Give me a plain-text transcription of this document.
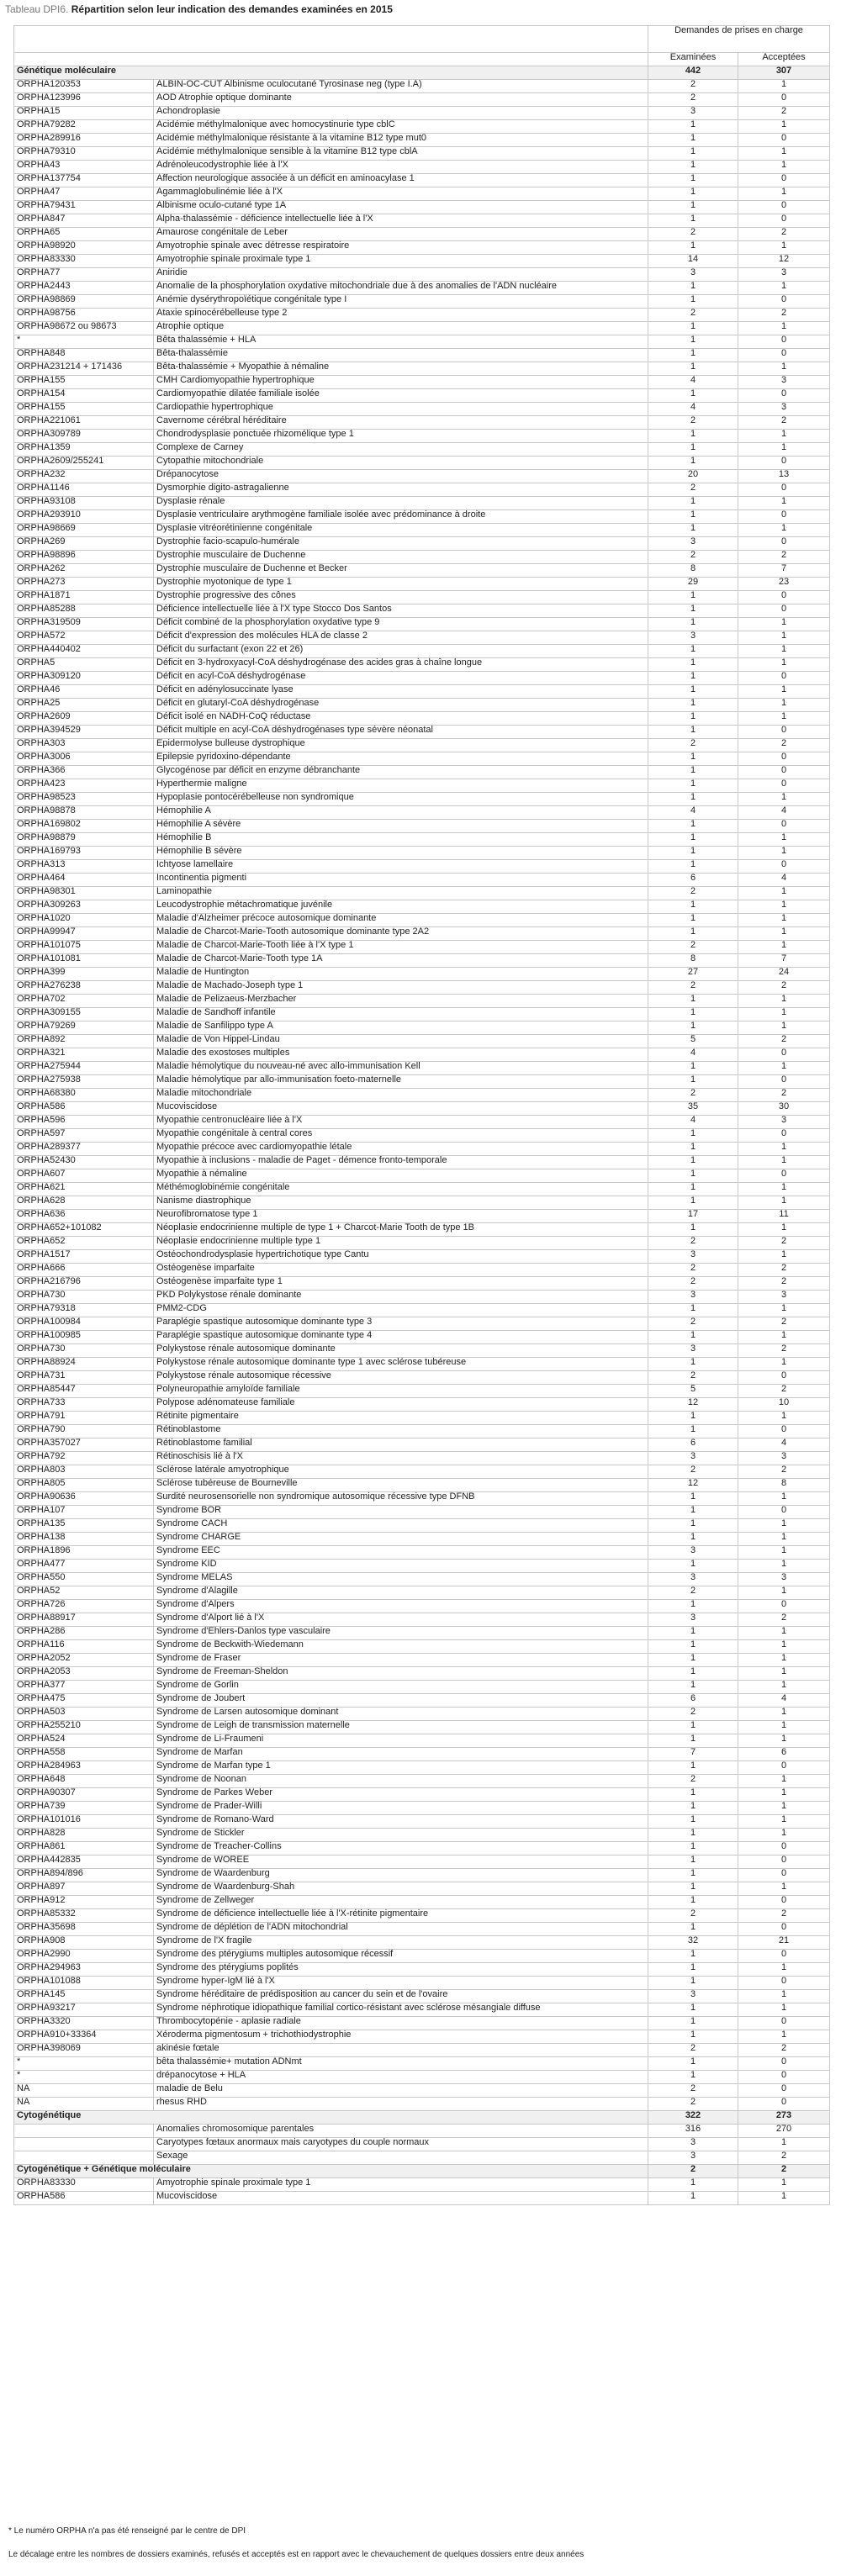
Tableau DPI6. Répartition selon leur indication des demandes examinées en 2015
		Demandes de prises en charge	
		Examinées	Acceptées
Génétique moléculaire		442	307
ORPHA120353	ALBIN-OC-CUT Albinisme oculocutané Tyrosinase neg (type I.A)	2	1
ORPHA123996	AOD Atrophie optique dominante	2	0
ORPHA15	Achondroplasie	3	2
ORPHA79282	Acidémie méthylmalonique avec homocystinurie type cblC	1	1
ORPHA289916	Acidémie méthylmalonique résistante à la vitamine B12 type mut0	1	0
ORPHA79310	Acidémie méthylmalonique sensible à la vitamine B12 type cblA	1	1
ORPHA43	Adrénoleucodystrophie liée à l'X	1	1
ORPHA137754	Affection neurologique associée à un déficit en aminoacylase 1	1	0
ORPHA47	Agammaglobulinémie liée à l'X	1	1
ORPHA79431	Albinisme oculo-cutané type 1A	1	0
ORPHA847	Alpha-thalassémie - déficience intellectuelle liée à l'X	1	0
ORPHA65	Amaurose congénitale de Leber	2	2
ORPHA98920	Amyotrophie spinale avec détresse respiratoire	1	1
ORPHA83330	Amyotrophie spinale proximale type 1	14	12
ORPHA77	Aniridie	3	3
ORPHA2443	Anomalie de la phosphorylation oxydative mitochondriale due à des anomalies de l'ADN nucléaire	1	1
ORPHA98869	Anémie dysérythropoïétique congénitale type I	1	0
ORPHA98756	Ataxie spinocérébelleuse type 2	2	2
ORPHA98672 ou 98673	Atrophie optique	1	1
*	Bêta thalassémie + HLA	1	0
ORPHA848	Bêta-thalassémie	1	0
ORPHA231214 + 171436	Bêta-thalassémie + Myopathie à némaline	1	1
ORPHA155	CMH Cardiomyopathie hypertrophique	4	3
ORPHA154	Cardiomyopathie dilatée familiale isolée	1	0
ORPHA155	Cardiopathie hypertrophique	4	3
ORPHA221061	Cavernome cérébral héréditaire	2	2
ORPHA309789	Chondrodysplasie ponctuée rhizomélique type 1	1	1
ORPHA1359	Complexe de Carney	1	1
ORPHA2609/255241	Cytopathie mitochondriale	1	0
ORPHA232	Drépanocytose	20	13
ORPHA1146	Dysmorphie digito-astragalienne	2	0
ORPHA93108	Dysplasie rénale	1	1
ORPHA293910	Dysplasie ventriculaire arythmogène familiale isolée avec prédominance à droite	1	0
ORPHA98669	Dysplasie vitréorétinienne congénitale	1	1
ORPHA269	Dystrophie facio-scapulo-humérale	3	0
ORPHA98896	Dystrophie musculaire de Duchenne	2	2
ORPHA262	Dystrophie musculaire de Duchenne et Becker	8	7
ORPHA273	Dystrophie myotonique de type 1	29	23
ORPHA1871	Dystrophie progressive des cônes	1	0
ORPHA85288	Déficience intellectuelle liée à l'X type Stocco Dos Santos	1	0
ORPHA319509	Déficit combiné de la phosphorylation oxydative type 9	1	1
ORPHA572	Déficit d'expression des molécules HLA de classe 2	3	1
ORPHA440402	Déficit du surfactant (exon 22 et 26)	1	1
ORPHA5	Déficit en 3-hydroxyacyl-CoA déshydrogénase des acides gras à chaîne longue	1	1
ORPHA309120	Déficit en acyl-CoA déshydrogénase	1	0
ORPHA46	Déficit en adénylosuccinate lyase	1	1
ORPHA25	Déficit en glutaryl-CoA déshydrogénase	1	1
ORPHA2609	Déficit isolé en NADH-CoQ réductase	1	1
ORPHA394529	Déficit multiple en acyl-CoA déshydrogénases type sévère néonatal	1	0
ORPHA303	Epidermolyse bulleuse dystrophique	2	2
ORPHA3006	Epilepsie pyridoxino-dépendante	1	0
ORPHA366	Glycogénose par déficit en enzyme débranchante	1	0
ORPHA423	Hyperthermie maligne	1	0
ORPHA98523	Hypoplasie pontocérébelleuse non syndromique	1	1
ORPHA98878	Hémophilie A	4	4
ORPHA169802	Hémophilie A sévère	1	0
ORPHA98879	Hémophilie B	1	1
ORPHA169793	Hémophilie B sévère	1	1
ORPHA313	Ichtyose lamellaire	1	0
ORPHA464	Incontinentia pigmenti	6	4
ORPHA98301	Laminopathie	2	1
ORPHA309263	Leucodystrophie métachromatique juvénile	1	1
ORPHA1020	Maladie d'Alzheimer précoce autosomique dominante	1	1
ORPHA99947	Maladie de Charcot-Marie-Tooth autosomique dominante type 2A2	1	1
ORPHA101075	Maladie de Charcot-Marie-Tooth liée à l'X type 1	2	1
ORPHA101081	Maladie de Charcot-Marie-Tooth type 1A	8	7
ORPHA399	Maladie de Huntington	27	24
ORPHA276238	Maladie de Machado-Joseph type 1	2	2
ORPHA702	Maladie de Pelizaeus-Merzbacher	1	1
ORPHA309155	Maladie de Sandhoff infantile	1	1
ORPHA79269	Maladie de Sanfilippo type A	1	1
ORPHA892	Maladie de Von Hippel-Lindau	5	2
ORPHA321	Maladie des exostoses multiples	4	0
ORPHA275944	Maladie hémolytique du nouveau-né avec allo-immunisation Kell	1	1
ORPHA275938	Maladie hémolytique par allo-immunisation foeto-maternelle	1	0
ORPHA68380	Maladie mitochondriale	2	2
ORPHA586	Mucoviscidose	35	30
ORPHA596	Myopathie centronucléaire liée à l'X	4	3
ORPHA597	Myopathie congénitale à central cores	1	0
ORPHA289377	Myopathie précoce avec cardiomyopathie létale	1	1
ORPHA52430	Myopathie à inclusions - maladie de Paget - démence fronto-temporale	1	1
ORPHA607	Myopathie à némaline	1	0
ORPHA621	Méthémoglobinémie congénitale	1	1
ORPHA628	Nanisme diastrophique	1	1
ORPHA636	Neurofibromatose type 1	17	11
ORPHA652+101082	Néoplasie endocrinienne multiple de type 1 + Charcot-Marie Tooth de type 1B	1	1
ORPHA652	Néoplasie endocrinienne multiple type 1	2	2
ORPHA1517	Ostéochondrodysplasie hypertrichotique type Cantu	3	1
ORPHA666	Ostéogenèse imparfaite	2	2
ORPHA216796	Ostéogenèse imparfaite type 1	2	2
ORPHA730	PKD Polykystose rénale dominante	3	3
ORPHA79318	PMM2-CDG	1	1
ORPHA100984	Paraplégie spastique autosomique dominante type 3	2	2
ORPHA100985	Paraplégie spastique autosomique dominante type 4	1	1
ORPHA730	Polykystose rénale autosomique dominante	3	2
ORPHA88924	Polykystose rénale autosomique dominante type 1 avec sclérose tubéreuse	1	1
ORPHA731	Polykystose rénale autosomique récessive	2	0
ORPHA85447	Polyneuropathie amyloïde familiale	5	2
ORPHA733	Polypose adénomateuse familiale	12	10
ORPHA791	Rétinite pigmentaire	1	1
ORPHA790	Rétinoblastome	1	0
ORPHA357027	Rétinoblastome familial	6	4
ORPHA792	Rétinoschisis lié à l'X	3	3
ORPHA803	Sclérose latérale amyotrophique	2	2
ORPHA805	Sclérose tubéreuse de Bourneville	12	8
ORPHA90636	Surdité neurosensorielle non syndromique autosomique récessive type DFNB	1	1
ORPHA107	Syndrome BOR	1	0
ORPHA135	Syndrome CACH	1	1
ORPHA138	Syndrome CHARGE	1	1
ORPHA1896	Syndrome EEC	3	1
ORPHA477	Syndrome KID	1	1
ORPHA550	Syndrome MELAS	3	3
ORPHA52	Syndrome d'Alagille	2	1
ORPHA726	Syndrome d'Alpers	1	0
ORPHA88917	Syndrome d'Alport lié à l'X	3	2
ORPHA286	Syndrome d'Ehlers-Danlos type vasculaire	1	1
ORPHA116	Syndrome de Beckwith-Wiedemann	1	1
ORPHA2052	Syndrome de Fraser	1	1
ORPHA2053	Syndrome de Freeman-Sheldon	1	1
ORPHA377	Syndrome de Gorlin	1	1
ORPHA475	Syndrome de Joubert	6	4
ORPHA503	Syndrome de Larsen autosomique dominant	2	1
ORPHA255210	Syndrome de Leigh de transmission maternelle	1	1
ORPHA524	Syndrome de Li-Fraumeni	1	1
ORPHA558	Syndrome de Marfan	7	6
ORPHA284963	Syndrome de Marfan type 1	1	0
ORPHA648	Syndrome de Noonan	2	1
ORPHA90307	Syndrome de Parkes Weber	1	1
ORPHA739	Syndrome de Prader-Willi	1	1
ORPHA101016	Syndrome de Romano-Ward	1	1
ORPHA828	Syndrome de Stickler	1	1
ORPHA861	Syndrome de Treacher-Collins	1	0
ORPHA442835	Syndrome de WOREE	1	0
ORPHA894/896	Syndrome de Waardenburg	1	0
ORPHA897	Syndrome de Waardenburg-Shah	1	1
ORPHA912	Syndrome de Zellweger	1	0
ORPHA85332	Syndrome de déficience intellectuelle liée à l'X-rétinite pigmentaire	2	2
ORPHA35698	Syndrome de déplétion de l'ADN mitochondrial	1	0
ORPHA908	Syndrome de l'X fragile	32	21
ORPHA2990	Syndrome des ptérygiums multiples autosomique récessif	1	0
ORPHA294963	Syndrome des ptérygiums poplités	1	1
ORPHA101088	Syndrome hyper-IgM lié à l'X	1	0
ORPHA145	Syndrome héréditaire de prédisposition au cancer du sein et de l'ovaire	3	1
ORPHA93217	Syndrome néphrotique idiopathique familial cortico-résistant avec sclérose mésangiale diffuse	1	1
ORPHA3320	Thrombocytopénie - aplasie radiale	1	0
ORPHA910+33364	Xéroderma pigmentosum + trichothiodystrophie	1	1
ORPHA398069	akinésie fœtale	2	2
*	bêta thalassémie+ mutation ADNmt	1	0
*	drépanocytose + HLA	1	0
NA	maladie de Belu	2	0
NA	rhesus RHD	2	0
Cytogénétique		322	273
	Anomalies chromosomique parentales	316	270
	Caryotypes fœtaux anormaux mais caryotypes du couple normaux	3	1
	Sexage	3	2
Cytogénétique + Génétique moléculaire		2	2
ORPHA83330	Amyotrophie spinale proximale type 1	1	1
ORPHA586	Mucoviscidose	1	1
* Le numéro ORPHA n'a pas été renseigné par le centre de DPI
Le décalage entre les nombres de dossiers examinés, refusés et acceptés est en rapport avec le chevauchement de quelques dossiers entre deux années
